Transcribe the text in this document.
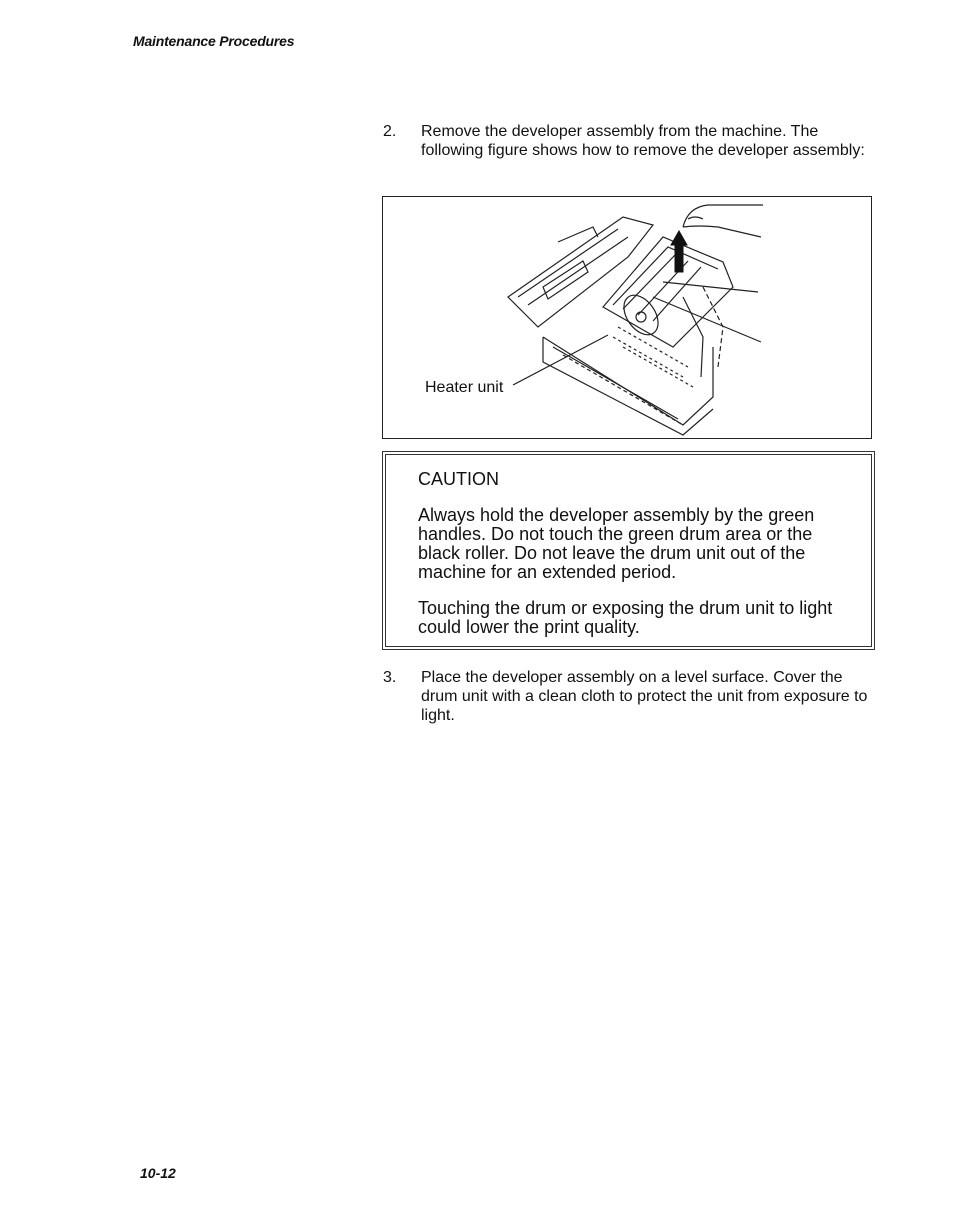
Maintenance Procedures
2. Remove the developer assembly from the machine. The following figure shows how to remove the developer assembly:
Heater unit
CAUTION
Always hold the developer assembly by the green handles. Do not touch the green drum area or the black roller. Do not leave the drum unit out of the machine for an extended period.
Touching the drum or exposing the drum unit to light could lower the print quality.
3. Place the developer assembly on a level surface. Cover the drum unit with a clean cloth to protect the unit from exposure to light.
10-12
